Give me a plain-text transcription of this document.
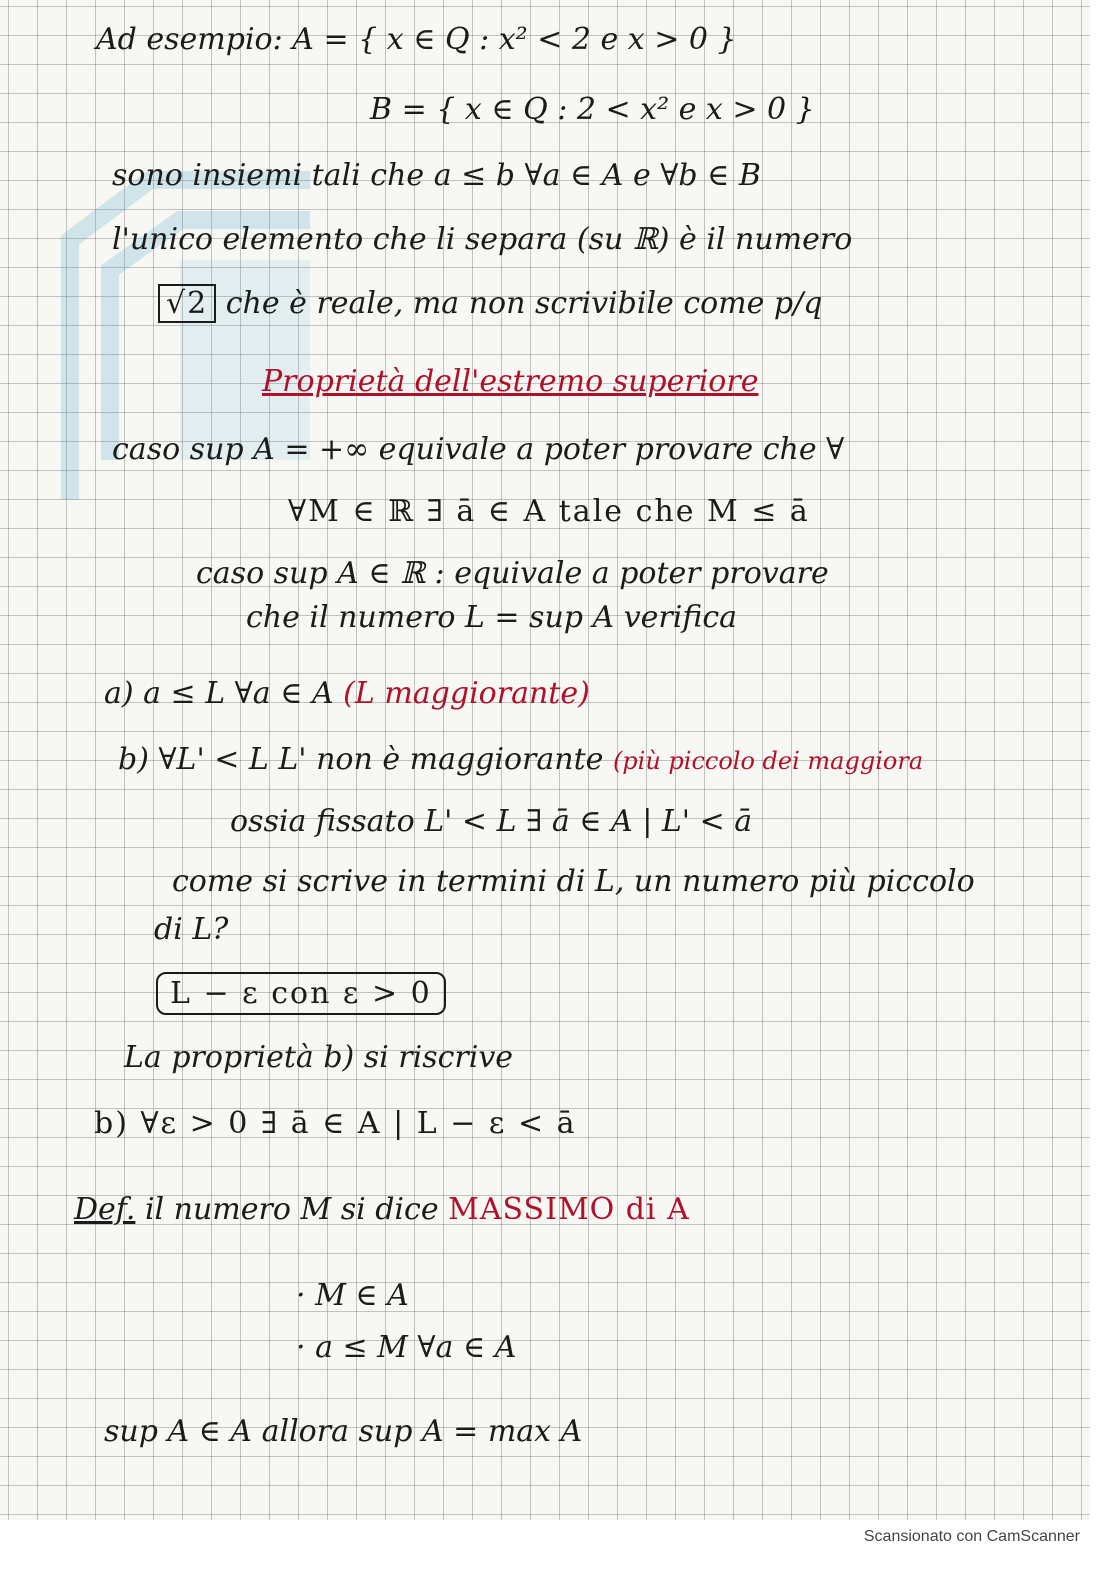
Ad esempio: A = { x ∈ Q : x² < 2 e x > 0 }
B = { x ∈ Q : 2 < x² e x > 0 }
sono insiemi tali che a ≤ b ∀a ∈ A e ∀b ∈ B
l'unico elemento che li separa (su ℝ) è il numero
√2 che è reale, ma non scrivibile come p/q
Proprietà dell'estremo superiore
caso sup A = +∞ equivale a poter provare che ∀
∀M ∈ ℝ ∃ ā ∈ A tale che M ≤ ā
caso sup A ∈ ℝ : equivale a poter provare
che il numero L = sup A verifica
a) a ≤ L ∀a ∈ A (L maggiorante)
b) ∀L' < L L' non è maggiorante (più piccolo dei maggiora
ossia fissato L' < L ∃ ā ∈ A | L' < ā
come si scrive in termini di L, un numero più piccolo
di L?
L − ε con ε > 0
La proprietà b) si riscrive
b) ∀ε > 0 ∃ ā ∈ A | L − ε < ā
Def. il numero M si dice MASSIMO di A
· M ∈ A
· a ≤ M ∀a ∈ A
sup A ∈ A allora sup A = max A
Scansionato con CamScanner
